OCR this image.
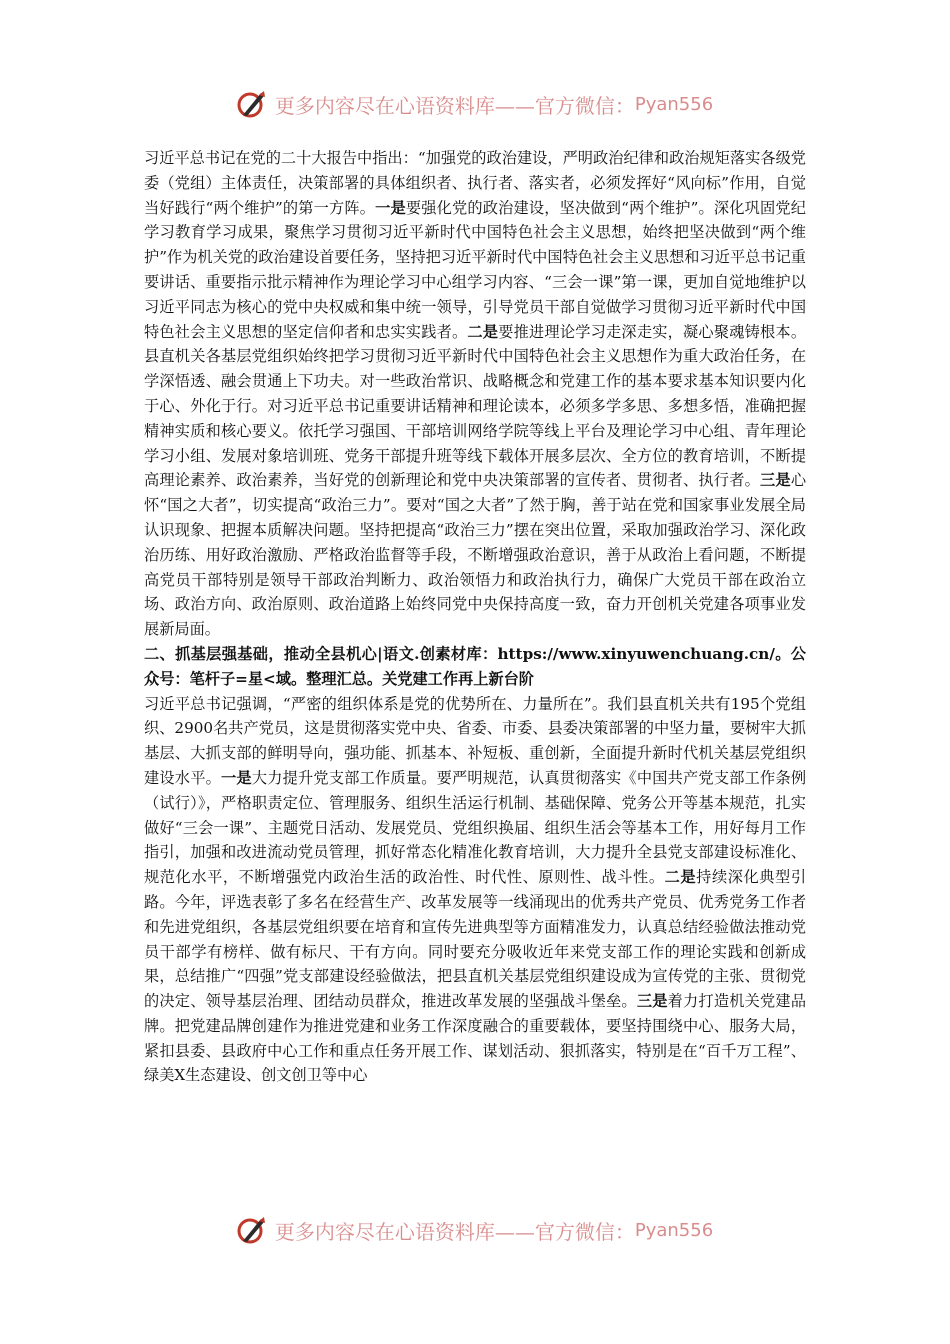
更多内容尽在心语资料库——官方微信： Pyan556

习近平总书记在党的二十大报告中指出：“加强党的政治建设，严明政治纪律和政治规矩落实各级党委（党组）主体责任，决策部署的具体组织者、执行者、落实者，必须发挥好“风向标”作用，自觉当好践行“两个维护”的第一方阵。一是要强化党的政治建设，坚决做到“两个维护”。深化巩固党纪学习教育学习成果，聚焦学习贯彻习近平新时代中国特色社会主义思想，始终把坚决做到“两个维护”作为机关党的政治建设首要任务，坚持把习近平新时代中国特色社会主义思想和习近平总书记重要讲话、重要指示批示精神作为理论学习中心组学习内容、“三会一课”第一课，更加自觉地维护以习近平同志为核心的党中央权威和集中统一领导，引导党员干部自觉做学习贯彻习近平新时代中国特色社会主义思想的坚定信仰者和忠实实践者。二是要推进理论学习走深走实，凝心聚魂铸根本。县直机关各基层党组织始终把学习贯彻习近平新时代中国特色社会主义思想作为重大政治任务，在学深悟透、融会贯通上下功夫。对一些政治常识、战略概念和党建工作的基本要求基本知识要内化于心、外化于行。对习近平总书记重要讲话精神和理论读本，必须多学多思、多想多悟，准确把握精神实质和核心要义。依托学习强国、干部培训网络学院等线上平台及理论学习中心组、青年理论学习小组、发展对象培训班、党务干部提升班等线下载体开展多层次、全方位的教育培训，不断提高理论素养、政治素养，当好党的创新理论和党中央决策部署的宣传者、贯彻者、执行者。三是心怀“国之大者”，切实提高“政治三力”。要对“国之大者”了然于胸，善于站在党和国家事业发展全局认识现象、把握本质解决问题。坚持把提高“政治三力”摆在突出位置，采取加强政治学习、深化政治历练、用好政治激励、严格政治监督等手段，不断增强政治意识，善于从政治上看问题，不断提高党员干部特别是领导干部政治判断力、政治领悟力和政治执行力，确保广大党员干部在政治立场、政治方向、政治原则、政治道路上始终同党中央保持高度一致，奋力开创机关党建各项事业发展新局面。

二、抓基层强基础，推动全县机心|语文.创素材库：https://www.xinyuwenchuang.cn/。公众号：笔杆子=星<域。整理汇总。关党建工作再上新台阶

习近平总书记强调，“严密的组织体系是党的优势所在、力量所在”。我们县直机关共有195个党组织、2900名共产党员，这是贯彻落实党中央、省委、市委、县委决策部署的中坚力量，要树牢大抓基层、大抓支部的鲜明导向，强功能、抓基本、补短板、重创新，全面提升新时代机关基层党组织建设水平。一是大力提升党支部工作质量。要严明规范，认真贯彻落实《中国共产党支部工作条例（试行）》，严格职责定位、管理服务、组织生活运行机制、基础保障、党务公开等基本规范，扎实做好“三会一课”、主题党日活动、发展党员、党组织换届、组织生活会等基本工作，用好每月工作指引，加强和改进流动党员管理，抓好常态化精准化教育培训，大力提升全县党支部建设标准化、规范化水平，不断增强党内政治生活的政治性、时代性、原则性、战斗性。二是持续深化典型引路。今年，评选表彰了多名在经营生产、改革发展等一线涌现出的优秀共产党员、优秀党务工作者和先进党组织，各基层党组织要在培育和宣传先进典型等方面精准发力，认真总结经验做法推动党员干部学有榜样、做有标尺、干有方向。同时要充分吸收近年来党支部工作的理论实践和创新成果，总结推广“四强”党支部建设经验做法，把县直机关基层党组织建设成为宣传党的主张、贯彻党的决定、领导基层治理、团结动员群众，推进改革发展的坚强战斗堡垒。三是着力打造机关党建品牌。把党建品牌创建作为推进党建和业务工作深度融合的重要载体，要坚持围绕中心、服务大局，紧扣县委、县政府中心工作和重点任务开展工作、谋划活动、狠抓落实，特别是在“百千万工程”、绿美X生态建设、创文创卫等中心

更多内容尽在心语资料库——官方微信： Pyan556
